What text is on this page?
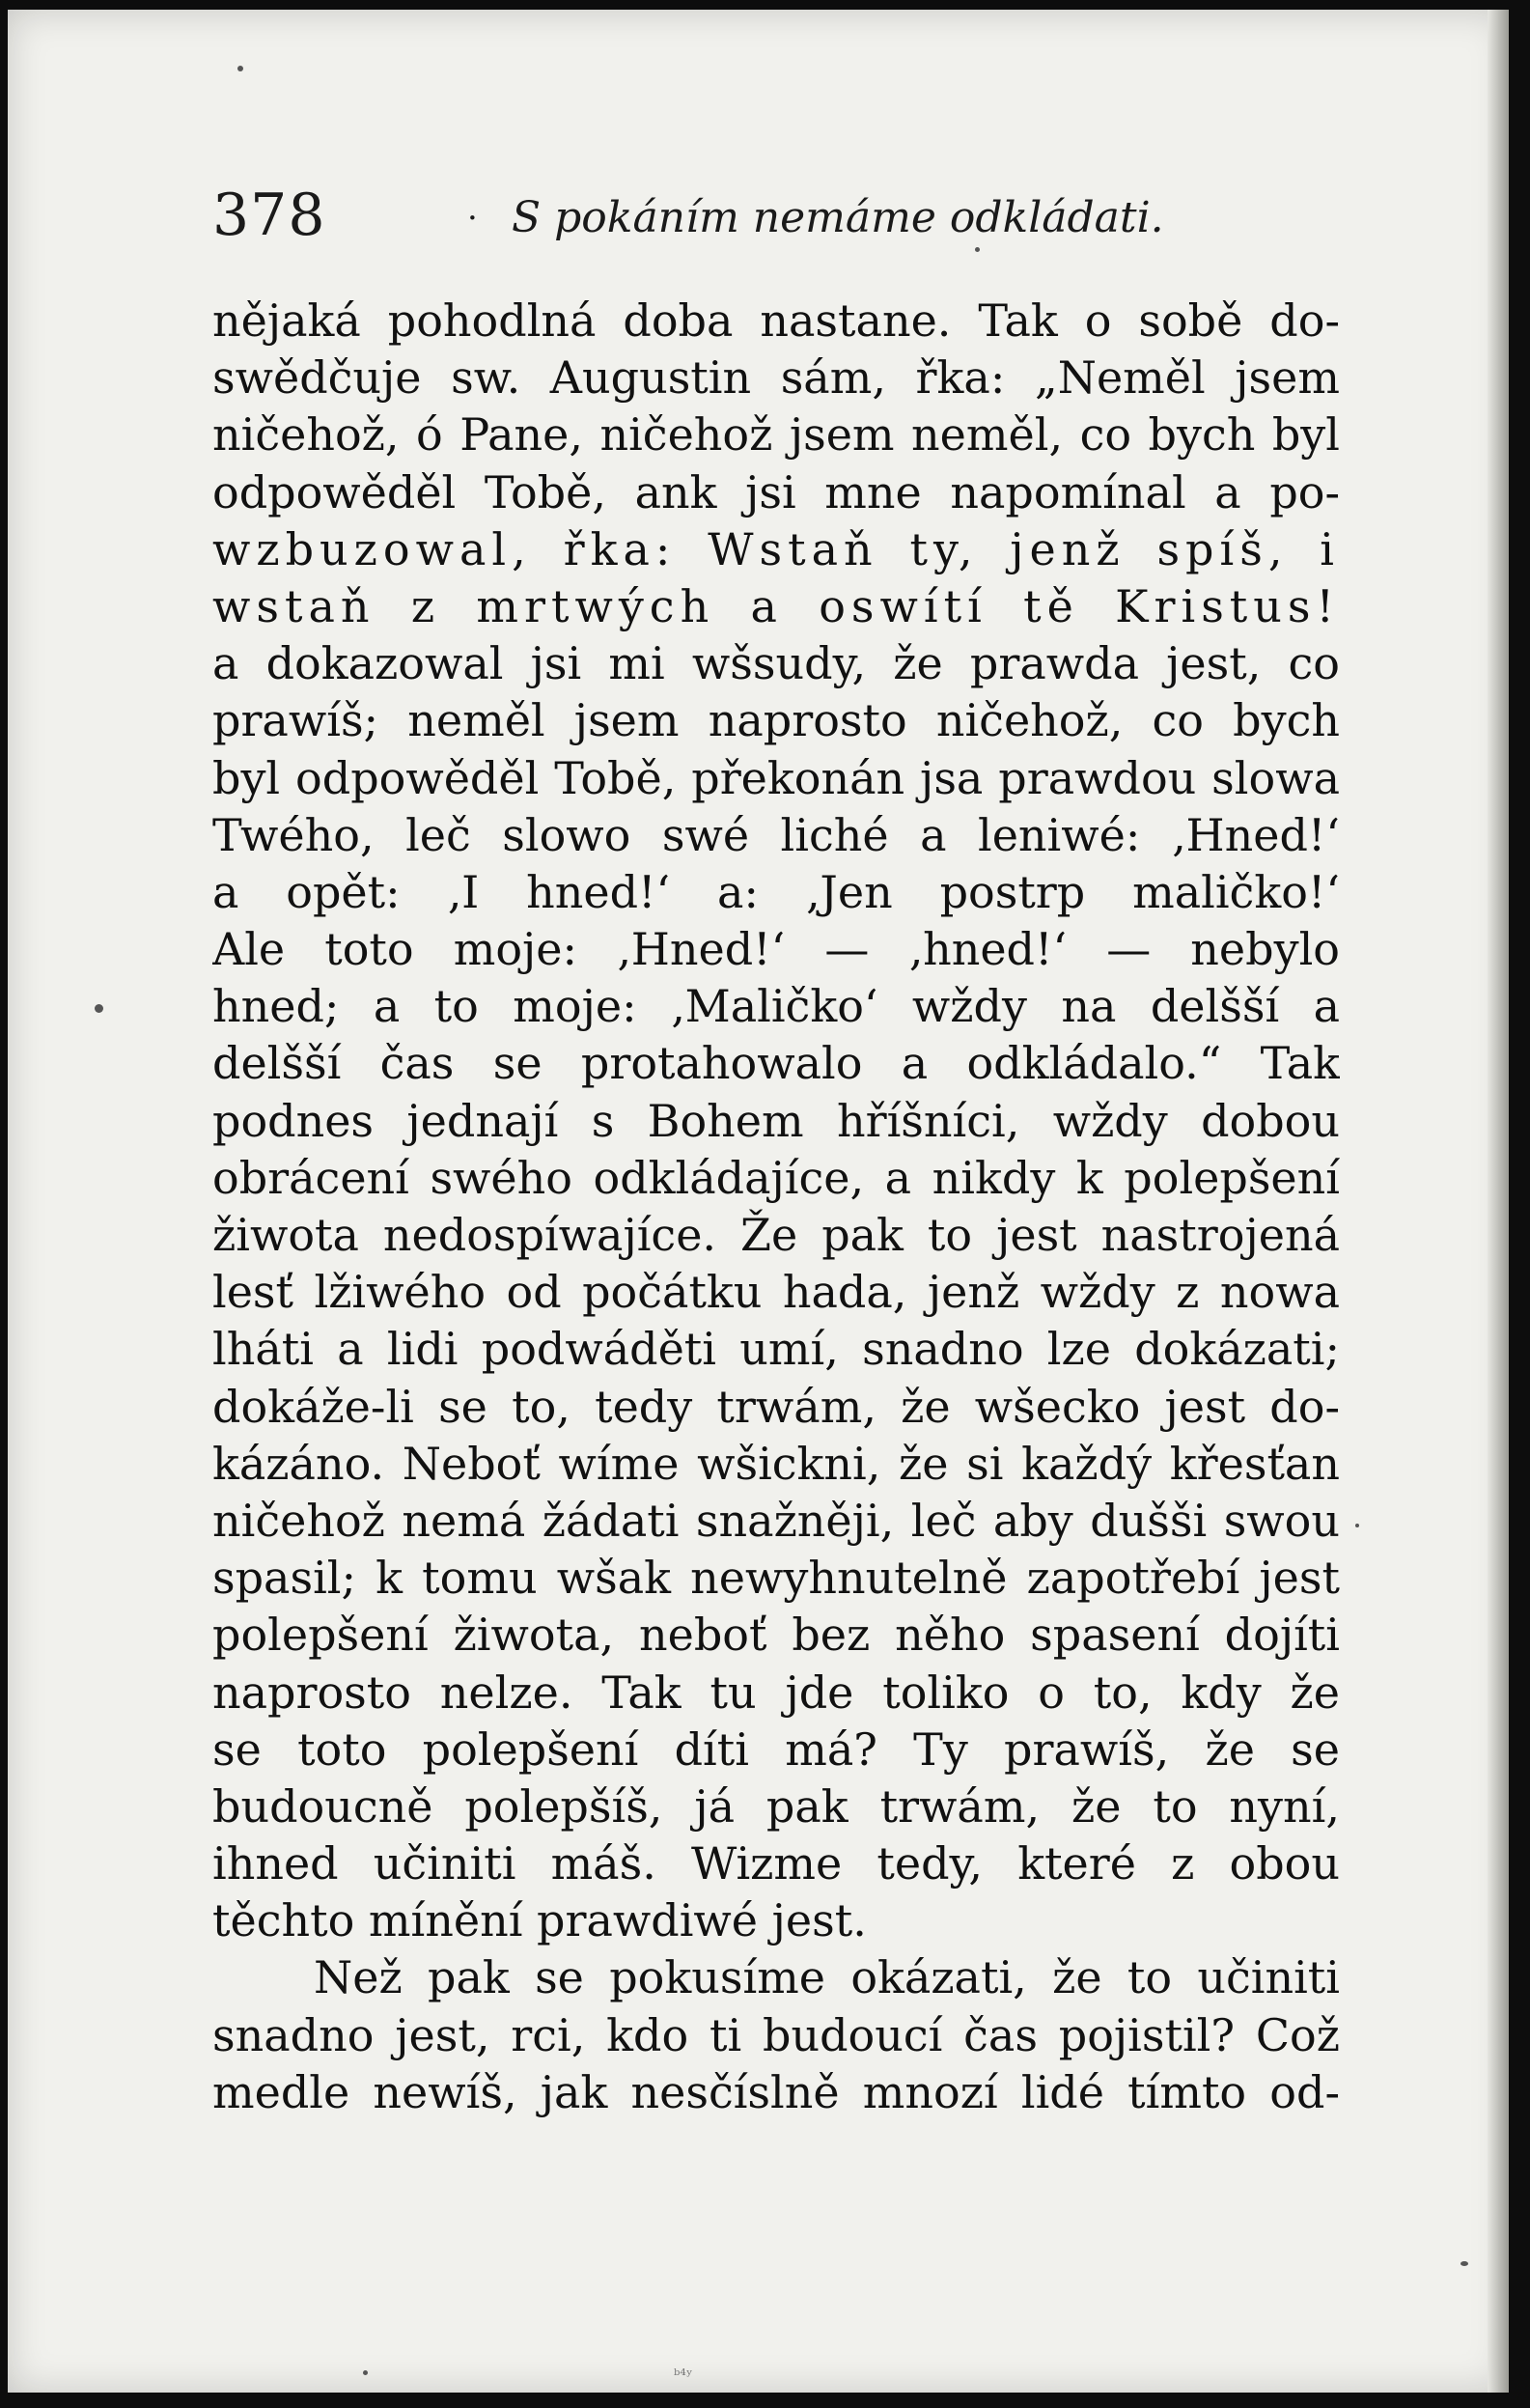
378	· S pokáním nemáme odkládati.
nějaká pohodlná doba nastane. Tak o sobě do-
swědčuje sw. Augustin sám, řka: „Neměl jsem
ničehož, ó Pane, ničehož jsem neměl, co bych byl
odpowěděl Tobě, ank jsi mne napomínal a po-
wzbuzowal, řka: Wstaň ty, jenž spíš, i
wstaň z mrtwých a oswítí tě Kristus!
a dokazowal jsi mi wšsudy, že prawda jest, co
prawíš; neměl jsem naprosto ničehož, co bych
byl odpowěděl Tobě, překonán jsa prawdou slowa
Twého, leč slowo swé liché a leniwé: ‚Hned!‘
a opět: ‚I hned!‘ a: ‚Jen postrp maličko!‘
Ale toto moje: ‚Hned!‘ — ‚hned!‘ — nebylo
hned; a to moje: ‚Maličko‘ wždy na delšší a
delšší čas se protahowalo a odkládalo.“ Tak
podnes jednají s Bohem hříšníci, wždy dobou
obrácení swého odkládajíce, a nikdy k polepšení
žiwota nedospíwajíce. Že pak to jest nastrojená
lesť lžiwého od počátku hada, jenž wždy z nowa
lháti a lidi podwáděti umí, snadno lze dokázati;
dokáže-li se to, tedy trwám, že wšecko jest do-
kázáno. Neboť wíme wšickni, že si každý křesťan
ničehož nemá žádati snažněji, leč aby dušši swou
spasil; k tomu wšak newyhnutelně zapotřebí jest
polepšení žiwota, neboť bez něho spasení dojíti
naprosto nelze. Tak tu jde toliko o to, kdy že
se toto polepšení díti má? Ty prawíš, že se
budoucně polepšíš, já pak trwám, že to nyní,
ihned učiniti máš. Wizme tedy, které z obou
těchto mínění prawdiwé jest.
Než pak se pokusíme okázati, že to učiniti
snadno jest, rci, kdo ti budoucí čas pojistil? Což
medle newíš, jak nesčíslně mnozí lidé tímto od-
ᵇ⁴ʸ
